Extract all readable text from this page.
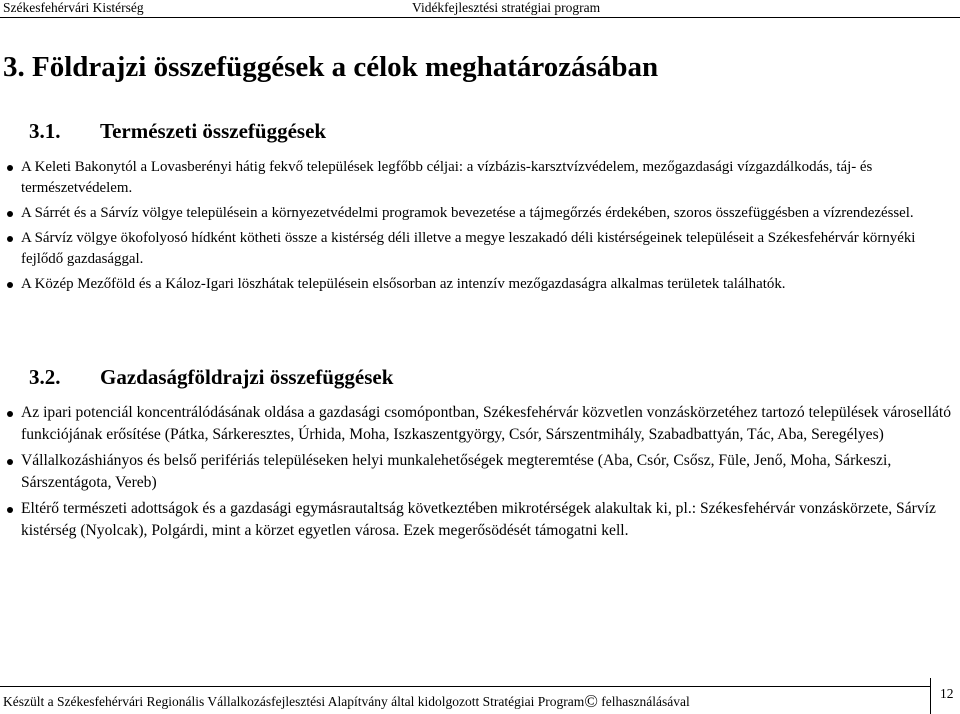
Székesfehérvári Kistérség	Vidékfejlesztési stratégiai program
3. Földrajzi összefüggések a célok meghatározásában
3.1. Természeti összefüggések
A Keleti Bakonytól a Lovasberényi hátig fekvő települések legfőbb céljai: a vízbázis-karsztvízvédelem, mezőgazdasági vízgazdálkodás, táj- és természetvédelem.
A Sárrét és a Sárvíz völgye településein a környezetvédelmi programok bevezetése a tájmegőrzés érdekében, szoros összefüggésben a vízrendezéssel.
A Sárvíz völgye ökofolyosó hídként kötheti össze a kistérség déli illetve a megye leszakadó déli kistérségeinek településeit a Székesfehérvár környéki fejlődő gazdasággal.
A Közép Mezőföld és a Káloz-Igari löszhátak településein elsősorban az intenzív mezőgazdaságra alkalmas területek találhatók.
3.2. Gazdaságföldrajzi összefüggések
Az ipari potenciál koncentrálódásának oldása a gazdasági csomópontban, Székesfehérvár közvetlen vonzáskörzetéhez tartozó települések városellátó funkciójának erősítése (Pátka, Sárkeresztes, Úrhida, Moha, Iszkaszentgyörgy, Csór, Sárszentmihály, Szabadbattyán, Tác, Aba, Seregélyes)
Vállalkozáshiányos és belső perifériás településeken helyi munkalehetőségek megteremtése (Aba, Csór, Csősz, Füle, Jenő, Moha, Sárkeszi, Sárszentágota, Vereb)
Eltérő természeti adottságok és a gazdasági egymásrautaltság következtében mikrotérségek alakultak ki, pl.: Székesfehérvár vonzáskörzete, Sárvíz kistérség (Nyolcak), Polgárdi, mint a körzet egyetlen városa. Ezek megerősödését támogatni kell.
Készült a Székesfehérvári Regionális Vállalkozásfejlesztési Alapítvány által kidolgozott Stratégiai Program© felhasználásával
12
